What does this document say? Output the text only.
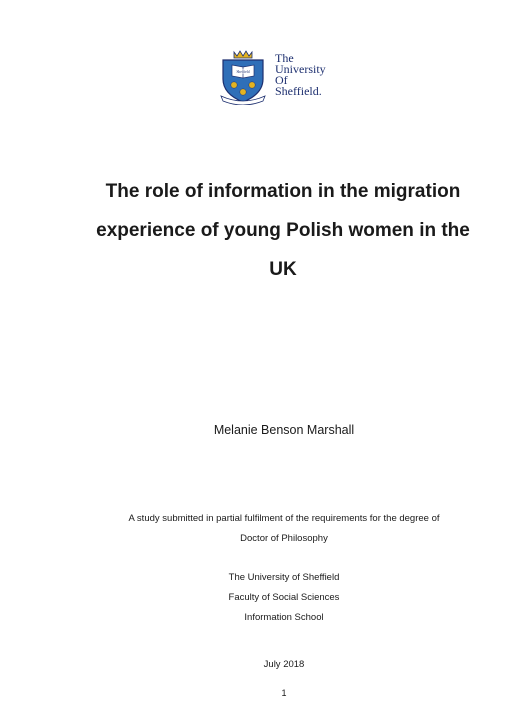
Sheffield
The
University
Of
Sheffield.
The role of information in the migration
experience of young Polish women in the
UK
Melanie Benson Marshall
A study submitted in partial fulfilment of the requirements for the degree of
Doctor of Philosophy
The University of Sheffield
Faculty of Social Sciences
Information School
July 2018
1
